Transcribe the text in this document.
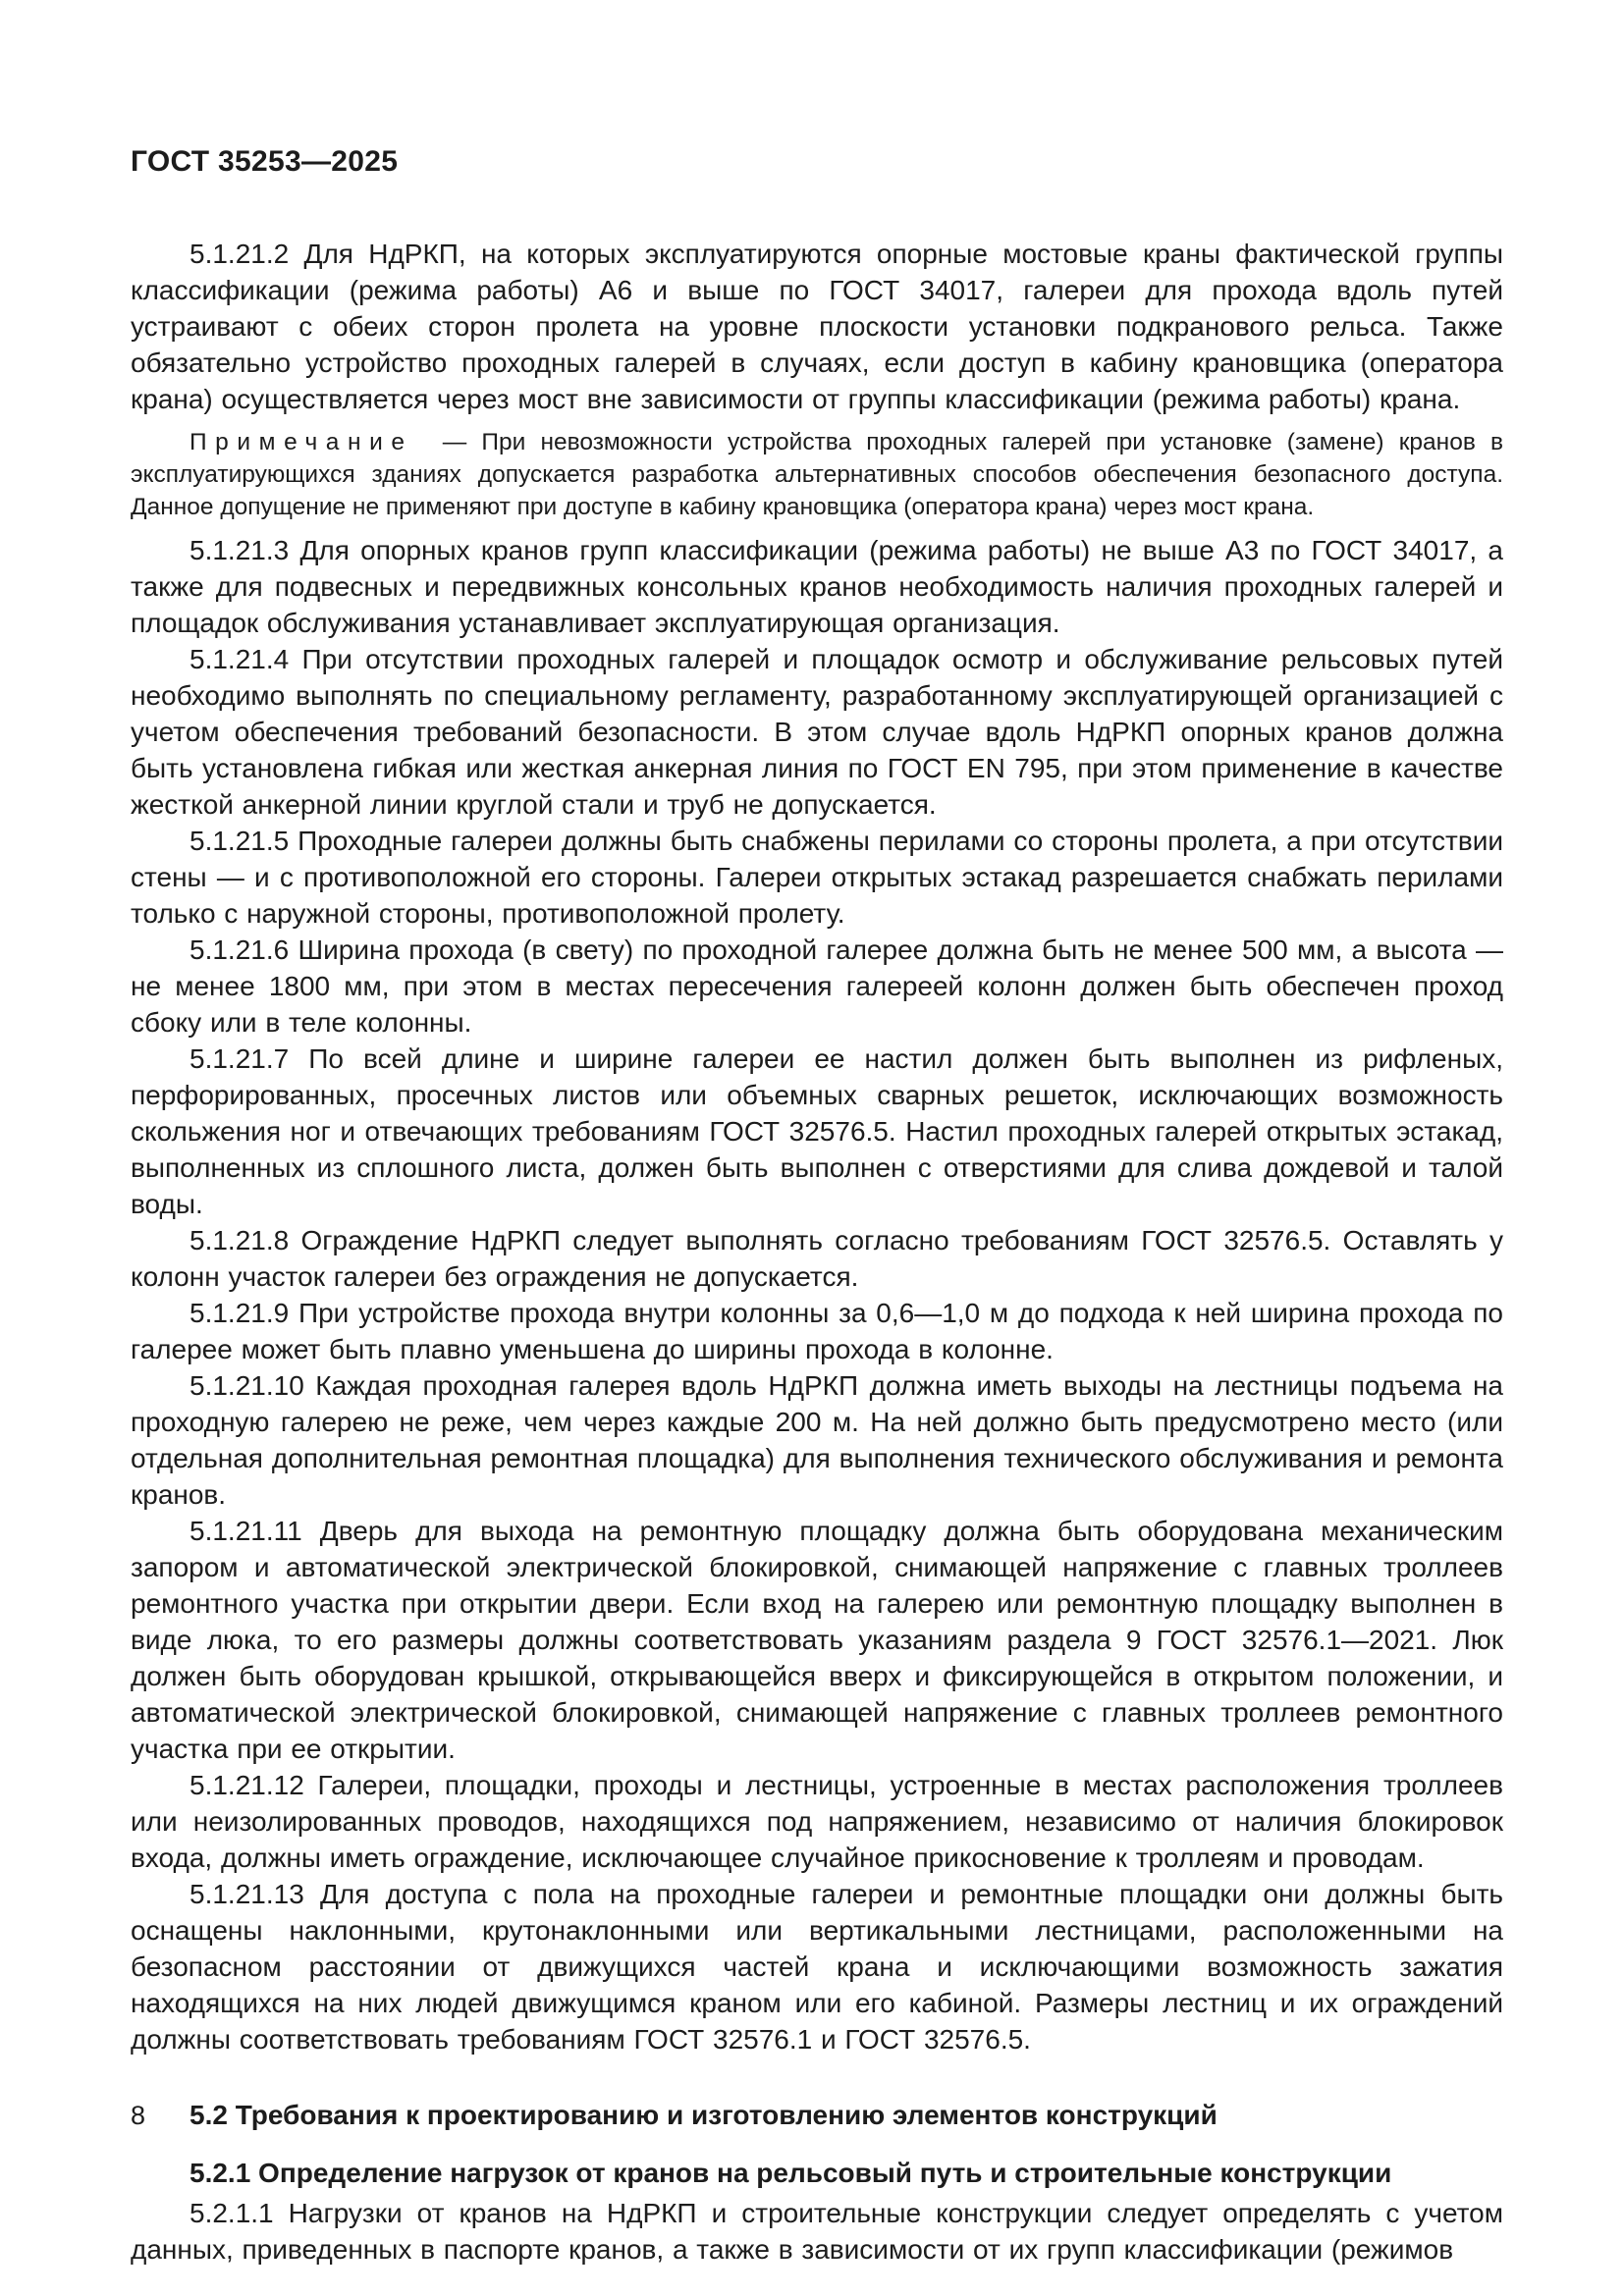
ГОСТ 35253—2025

5.1.21.2 Для НдРКП, на которых эксплуатируются опорные мостовые краны фактической группы классификации (режима работы) А6 и выше по ГОСТ 34017, галереи для прохода вдоль путей устраивают с обеих сторон пролета на уровне плоскости установки подкранового рельса. Также обязательно устройство проходных галерей в случаях, если доступ в кабину крановщика (оператора крана) осуществляется через мост вне зависимости от группы классификации (режима работы) крана.

Примечание — При невозможности устройства проходных галерей при установке (замене) кранов в эксплуатирующихся зданиях допускается разработка альтернативных способов обеспечения безопасного доступа. Данное допущение не применяют при доступе в кабину крановщика (оператора крана) через мост крана.

5.1.21.3 Для опорных кранов групп классификации (режима работы) не выше А3 по ГОСТ 34017, а также для подвесных и передвижных консольных кранов необходимость наличия проходных галерей и площадок обслуживания устанавливает эксплуатирующая организация.

5.1.21.4 При отсутствии проходных галерей и площадок осмотр и обслуживание рельсовых путей необходимо выполнять по специальному регламенту, разработанному эксплуатирующей организацией с учетом обеспечения требований безопасности. В этом случае вдоль НдРКП опорных кранов должна быть установлена гибкая или жесткая анкерная линия по ГОСТ EN 795, при этом применение в качестве жесткой анкерной линии круглой стали и труб не допускается.

5.1.21.5 Проходные галереи должны быть снабжены перилами со стороны пролета, а при отсутствии стены — и с противоположной его стороны. Галереи открытых эстакад разрешается снабжать перилами только с наружной стороны, противоположной пролету.

5.1.21.6 Ширина прохода (в свету) по проходной галерее должна быть не менее 500 мм, а высота — не менее 1800 мм, при этом в местах пересечения галереей колонн должен быть обеспечен проход сбоку или в теле колонны.

5.1.21.7 По всей длине и ширине галереи ее настил должен быть выполнен из рифленых, перфорированных, просечных листов или объемных сварных решеток, исключающих возможность скольжения ног и отвечающих требованиям ГОСТ 32576.5. Настил проходных галерей открытых эстакад, выполненных из сплошного листа, должен быть выполнен с отверстиями для слива дождевой и талой воды.

5.1.21.8 Ограждение НдРКП следует выполнять согласно требованиям ГОСТ 32576.5. Оставлять у колонн участок галереи без ограждения не допускается.

5.1.21.9 При устройстве прохода внутри колонны за 0,6—1,0 м до подхода к ней ширина прохода по галерее может быть плавно уменьшена до ширины прохода в колонне.

5.1.21.10 Каждая проходная галерея вдоль НдРКП должна иметь выходы на лестницы подъема на проходную галерею не реже, чем через каждые 200 м. На ней должно быть предусмотрено место (или отдельная дополнительная ремонтная площадка) для выполнения технического обслуживания и ремонта кранов.

5.1.21.11 Дверь для выхода на ремонтную площадку должна быть оборудована механическим запором и автоматической электрической блокировкой, снимающей напряжение с главных троллеев ремонтного участка при открытии двери. Если вход на галерею или ремонтную площадку выполнен в виде люка, то его размеры должны соответствовать указаниям раздела 9 ГОСТ 32576.1—2021. Люк должен быть оборудован крышкой, открывающейся вверх и фиксирующейся в открытом положении, и автоматической электрической блокировкой, снимающей напряжение с главных троллеев ремонтного участка при ее открытии.

5.1.21.12 Галереи, площадки, проходы и лестницы, устроенные в местах расположения троллеев или неизолированных проводов, находящихся под напряжением, независимо от наличия блокировок входа, должны иметь ограждение, исключающее случайное прикосновение к троллеям и проводам.

5.1.21.13 Для доступа с пола на проходные галереи и ремонтные площадки они должны быть оснащены наклонными, крутонаклонными или вертикальными лестницами, расположенными на безопасном расстоянии от движущихся частей крана и исключающими возможность зажатия находящихся на них людей движущимся краном или его кабиной. Размеры лестниц и их ограждений должны соответствовать требованиям ГОСТ 32576.1 и ГОСТ 32576.5.

5.2 Требования к проектированию и изготовлению элементов конструкций

5.2.1 Определение нагрузок от кранов на рельсовый путь и строительные конструкции

5.2.1.1 Нагрузки от кранов на НдРКП и строительные конструкции следует определять с учетом данных, приведенных в паспорте кранов, а также в зависимости от их групп классификации (режимов

8
